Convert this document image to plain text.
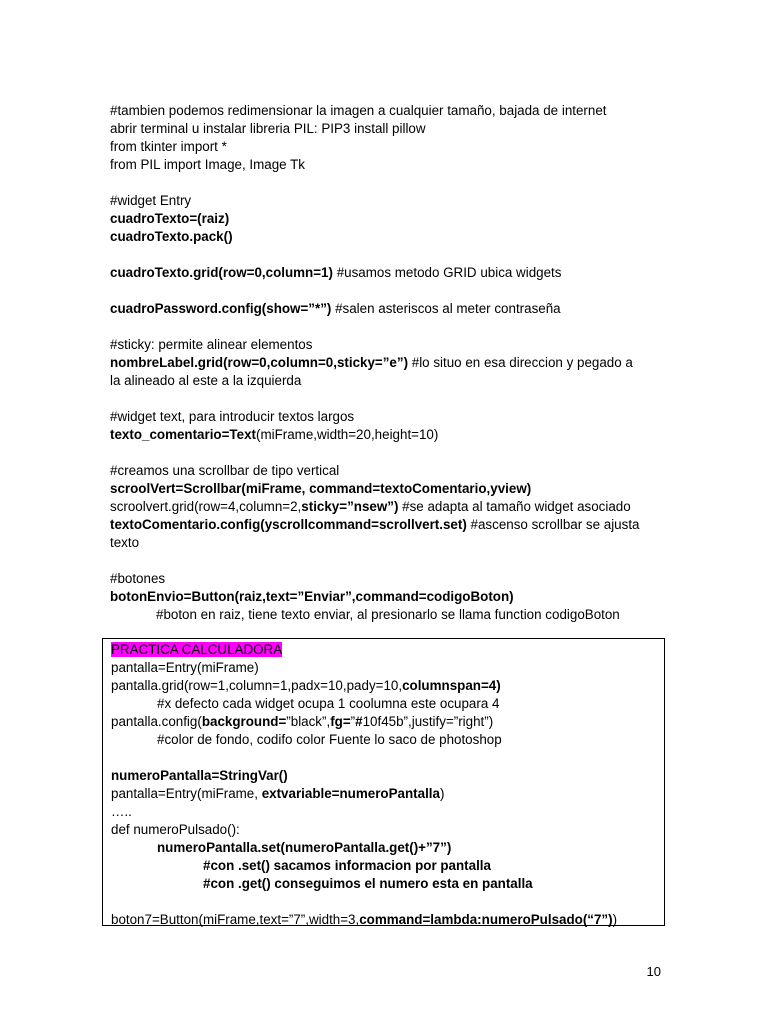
#tambien podemos redimensionar la imagen a cualquier tamaño, bajada de internet
abrir terminal u instalar libreria PIL: PIP3 install pillow
from tkinter import *
from PIL import Image, Image Tk
#widget Entry
cuadroTexto=(raiz)
cuadroTexto.pack()
cuadroTexto.grid(row=0,column=1) #usamos metodo GRID ubica widgets
cuadroPassword.config(show=”*”) #salen asteriscos al meter contraseña
#sticky: permite alinear elementos
nombreLabel.grid(row=0,column=0,sticky=”e”) #lo situo en esa direccion y pegado a
la alineado al este a la izquierda
#widget text, para introducir textos largos
texto_comentario=Text(miFrame,width=20,height=10)
#creamos una scrollbar de tipo vertical
scroolVert=Scrollbar(miFrame, command=textoComentario,yview)
scroolvert.grid(row=4,column=2,sticky=”nsew”) #se adapta al tamaño widget asociado
textoComentario.config(yscrollcommand=scrollvert.set) #ascenso scrollbar se ajusta
texto
#botones
botonEnvio=Button(raiz,text=”Enviar”,command=codigoBoton)
#boton en raiz, tiene texto enviar, al presionarlo se llama function codigoBoton
PRACTICA CALCULADORA
pantalla=Entry(miFrame)
pantalla.grid(row=1,column=1,padx=10,pady=10,columnspan=4)
#x defecto cada widget ocupa 1 coolumna este ocupara 4
pantalla.config(background=”black”,fg=”#10f45b”,justify=”right”)
#color de fondo, codifo color Fuente lo saco de photoshop
numeroPantalla=StringVar()
pantalla=Entry(miFrame, extvariable=numeroPantalla)
…..
def numeroPulsado():
numeroPantalla.set(numeroPantalla.get()+”7”)
#con .set() sacamos informacion por pantalla
#con .get() conseguimos el numero esta en pantalla
boton7=Button(miFrame,text=”7”,width=3,command=lambda:numeroPulsado(“7”))
10
